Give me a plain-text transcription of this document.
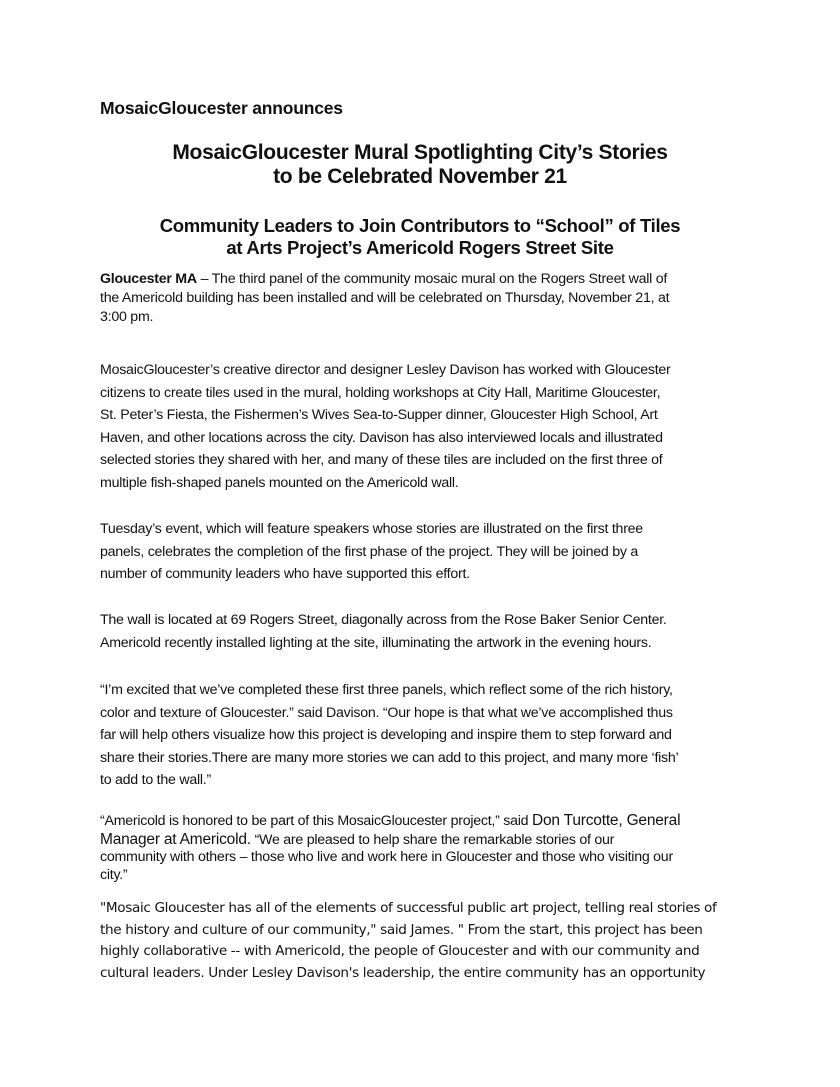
MosaicGloucester announces

MosaicGloucester Mural Spotlighting City’s Stories
to be Celebrated November 21
Community Leaders to Join Contributors to “School” of Tiles
at Arts Project’s Americold Rogers Street Site
Gloucester MA – The third panel of the community mosaic mural on the Rogers Street wall of
the Americold building has been installed and will be celebrated on Thursday, November 21, at
3:00 pm.
MosaicGloucester’s creative director and designer Lesley Davison has worked with Gloucester
citizens to create tiles used in the mural, holding workshops at City Hall, Maritime Gloucester,
St. Peter’s Fiesta, the Fishermen’s Wives Sea-to-Supper dinner, Gloucester High School, Art
Haven, and other locations across the city. Davison has also interviewed locals and illustrated
selected stories they shared with her, and many of these tiles are included on the first three of
multiple fish-shaped panels mounted on the Americold wall.
Tuesday’s event, which will feature speakers whose stories are illustrated on the first three
panels, celebrates the completion of the first phase of the project. They will be joined by a
number of community leaders who have supported this effort.
The wall is located at 69 Rogers Street, diagonally across from the Rose Baker Senior Center.
Americold recently installed lighting at the site, illuminating the artwork in the evening hours.
“I’m excited that we’ve completed these first three panels, which reflect some of the rich history,
color and texture of Gloucester.” said Davison. “Our hope is that what we’ve accomplished thus
far will help others visualize how this project is developing and inspire them to step forward and
share their stories.There are many more stories we can add to this project, and many more ‘fish’
to add to the wall.”
“Americold is honored to be part of this MosaicGloucester project,” said Don Turcotte, General
Manager at Americold. “We are pleased to help share the remarkable stories of our
community with others – those who live and work here in Gloucester and those who visiting our
city.”
"Mosaic Gloucester has all of the elements of successful public art project, telling real stories of
the history and culture of our community," said James. " From the start, this project has been
highly collaborative -- with Americold, the people of Gloucester and with our community and
cultural leaders. Under Lesley Davison's leadership, the entire community has an opportunity
